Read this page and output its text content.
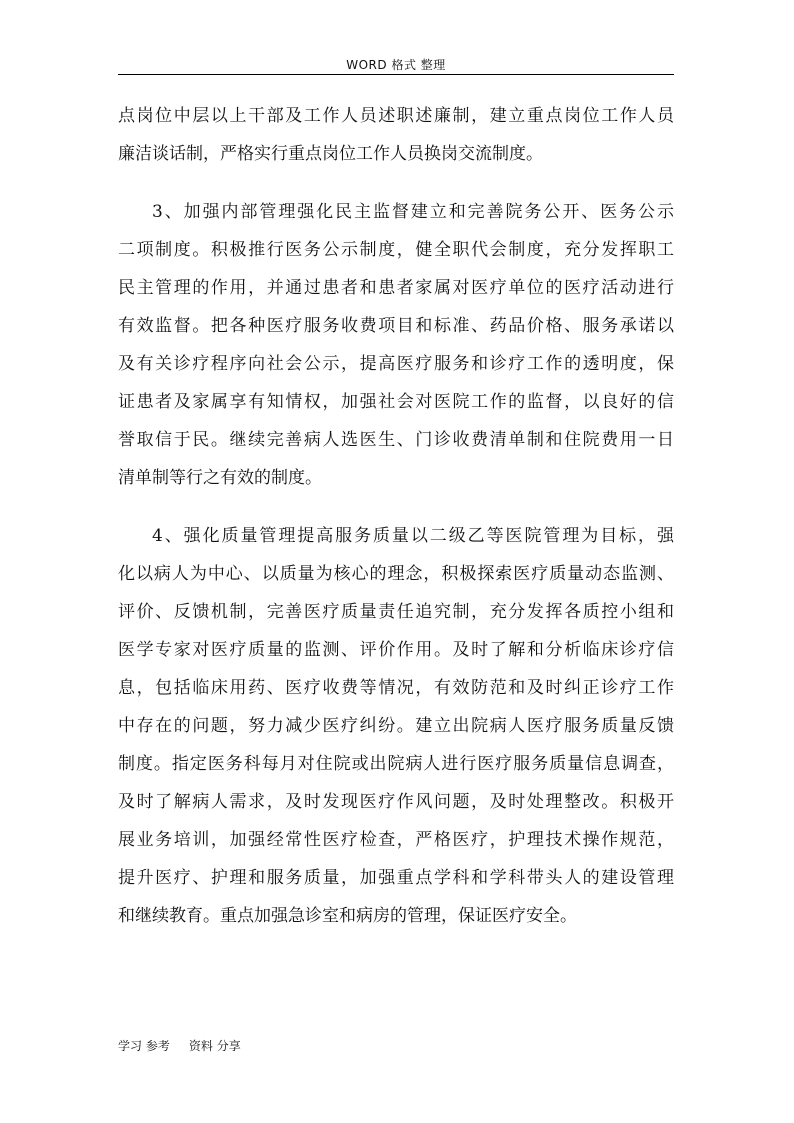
WORD 格式 整理
点岗位中层以上干部及工作人员述职述廉制，建立重点岗位工作人员
廉洁谈话制，严格实行重点岗位工作人员换岗交流制度。
3、加强内部管理强化民主监督建立和完善院务公开、医务公示
二项制度。积极推行医务公示制度，健全职代会制度，充分发挥职工
民主管理的作用，并通过患者和患者家属对医疗单位的医疗活动进行
有效监督。把各种医疗服务收费项目和标准、药品价格、服务承诺以
及有关诊疗程序向社会公示，提高医疗服务和诊疗工作的透明度，保
证患者及家属享有知情权，加强社会对医院工作的监督，以良好的信
誉取信于民。继续完善病人选医生、门诊收费清单制和住院费用一日
清单制等行之有效的制度。
4、强化质量管理提高服务质量以二级乙等医院管理为目标，强
化以病人为中心、以质量为核心的理念，积极探索医疗质量动态监测、
评价、反馈机制，完善医疗质量责任追究制，充分发挥各质控小组和
医学专家对医疗质量的监测、评价作用。及时了解和分析临床诊疗信
息，包括临床用药、医疗收费等情况，有效防范和及时纠正诊疗工作
中存在的问题，努力减少医疗纠纷。建立出院病人医疗服务质量反馈
制度。指定医务科每月对住院或出院病人进行医疗服务质量信息调查，
及时了解病人需求，及时发现医疗作风问题，及时处理整改。积极开
展业务培训，加强经常性医疗检查，严格医疗，护理技术操作规范，
提升医疗、护理和服务质量，加强重点学科和学科带头人的建设管理
和继续教育。重点加强急诊室和病房的管理，保证医疗安全。
学习 参考     资料 分享
